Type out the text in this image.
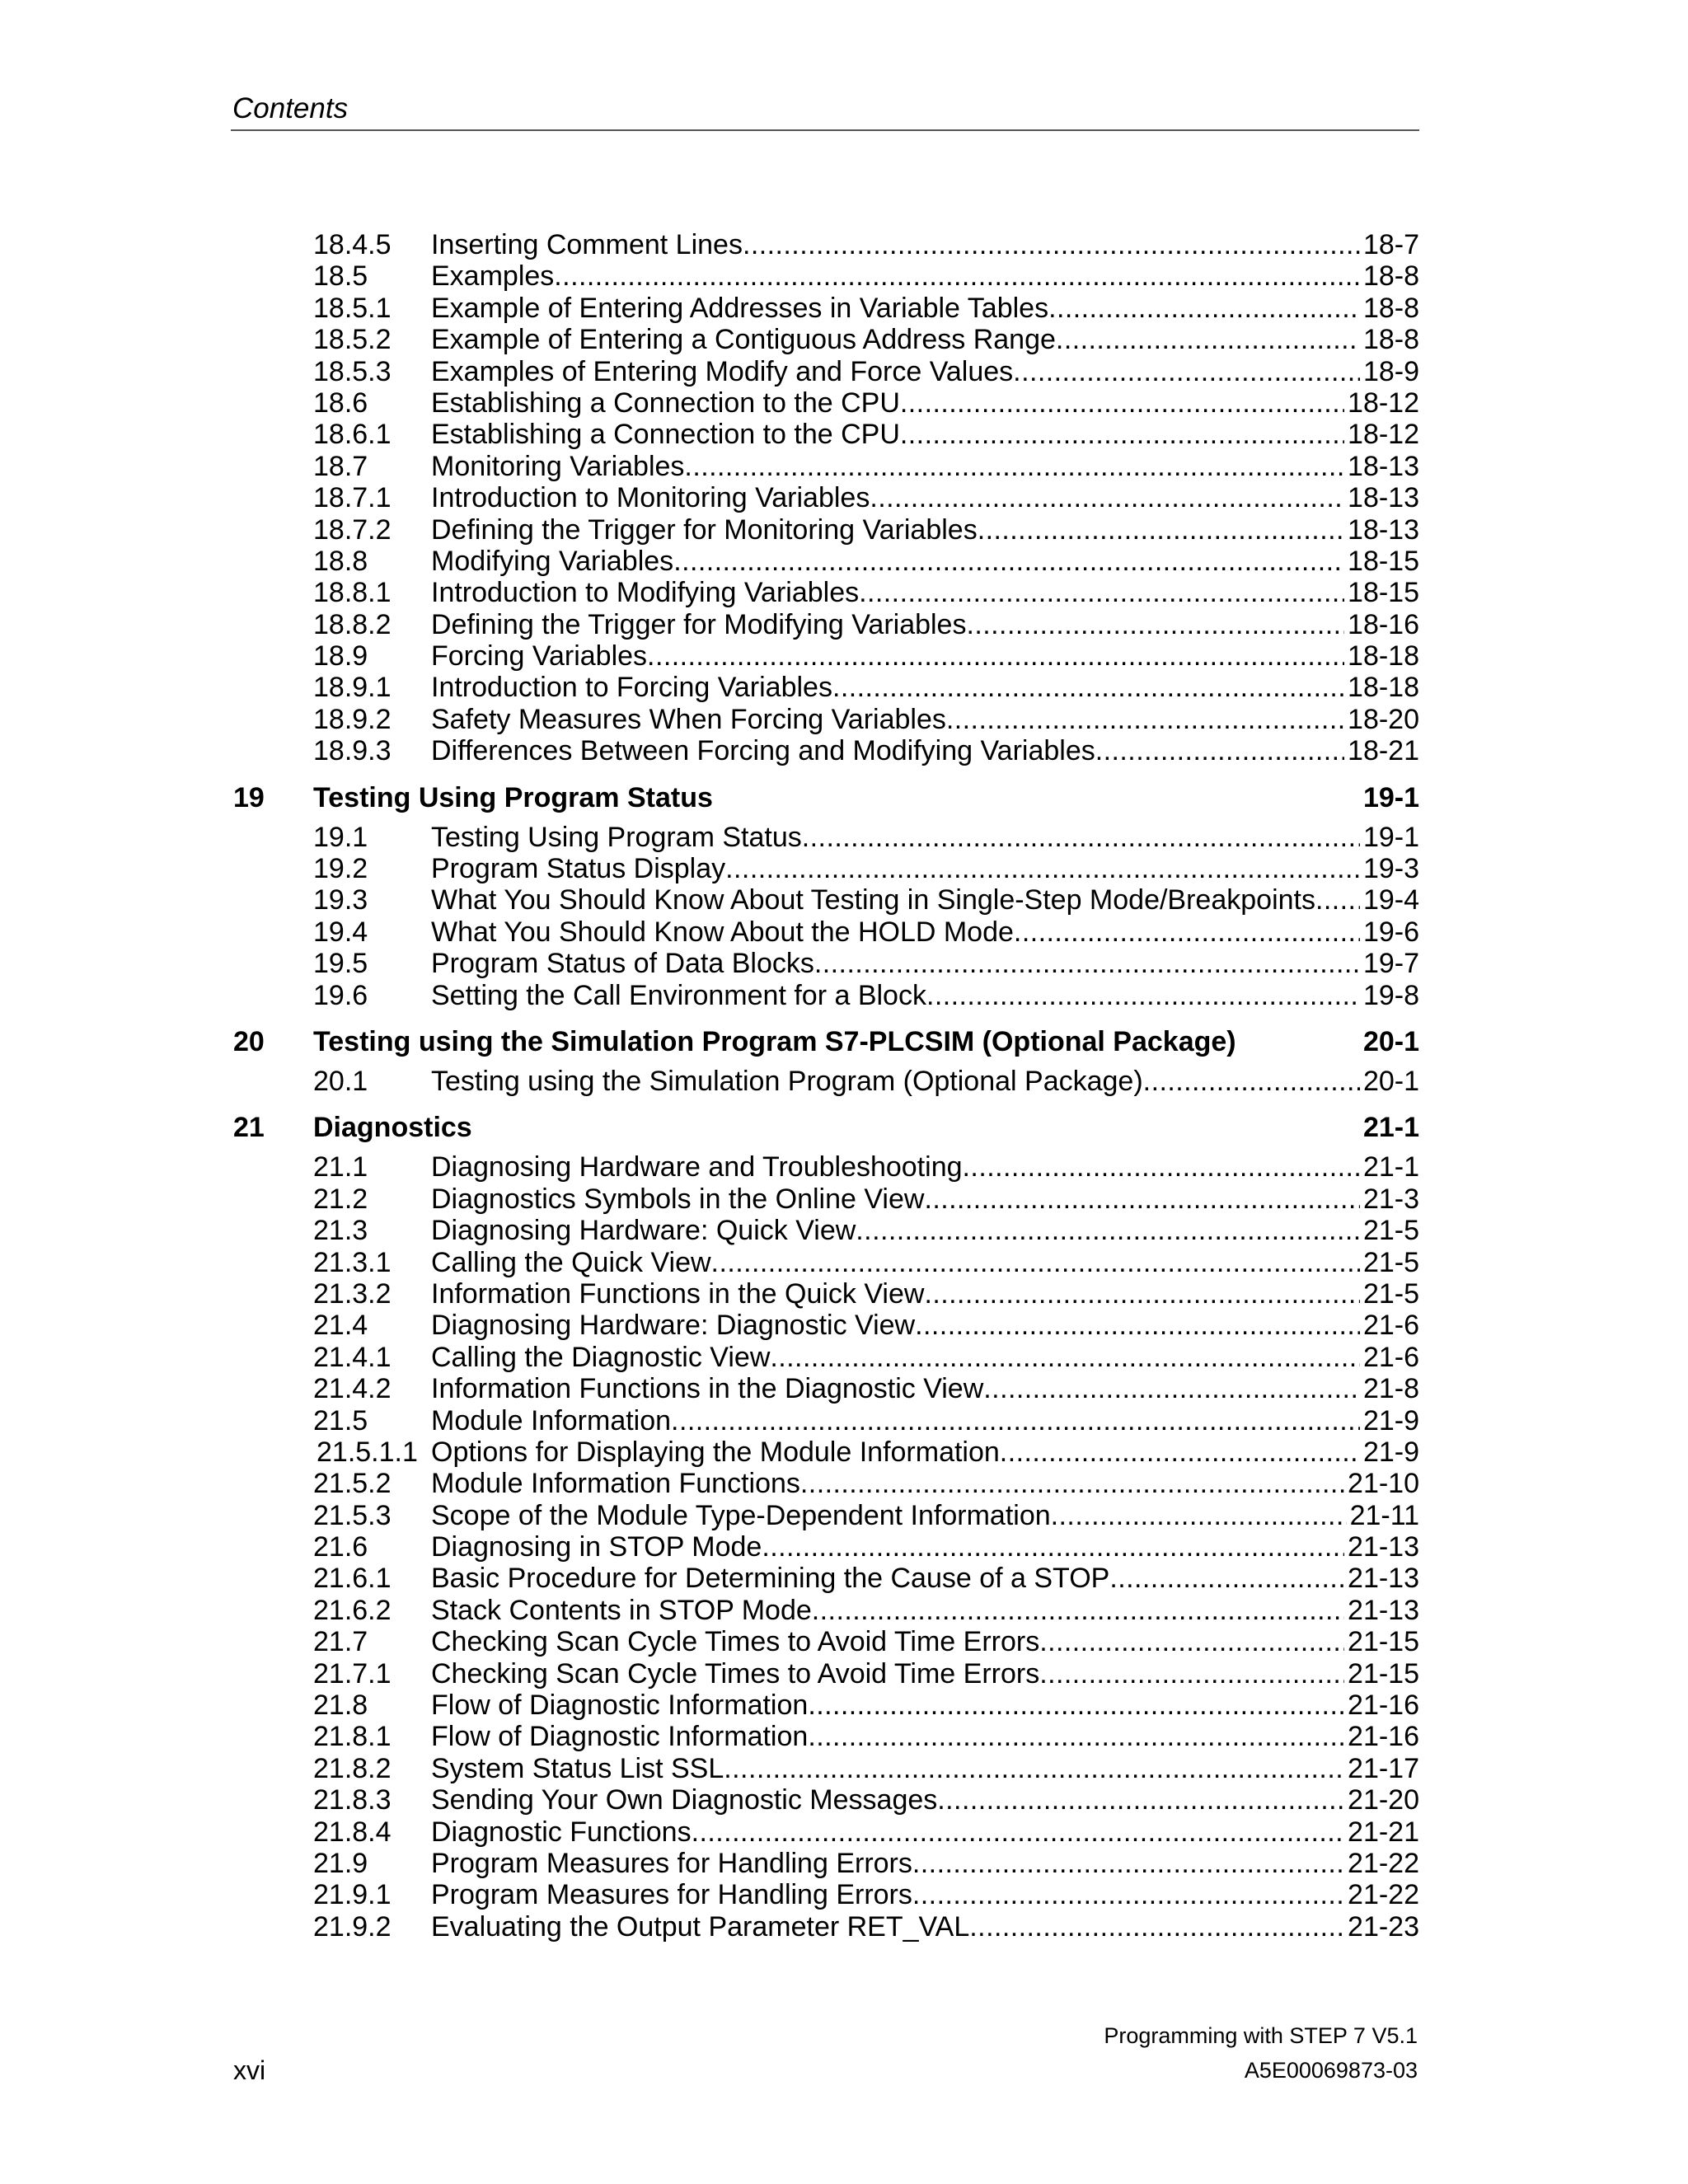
Contents
18.4.5 Inserting Comment Lines . . .	18-7
18.5 Examples . . .	18-8
18.5.1 Example of Entering Addresses in Variable Tables . . .	18-8
18.5.2 Example of Entering a Contiguous Address Range . . .	18-8
18.5.3 Examples of Entering Modify and Force Values . . .	18-9
18.6 Establishing a Connection to the CPU . . .	18-12
18.6.1 Establishing a Connection to the CPU . . .	18-12
18.7 Monitoring Variables . . .	18-13
18.7.1 Introduction to Monitoring Variables . . .	18-13
18.7.2 Defining the Trigger for Monitoring Variables . . .	18-13
18.8 Modifying Variables . . .	18-15
18.8.1 Introduction to Modifying Variables . . .	18-15
18.8.2 Defining the Trigger for Modifying Variables . . .	18-16
18.9 Forcing Variables . . .	18-18
18.9.1 Introduction to Forcing Variables . . .	18-18
18.9.2 Safety Measures When Forcing Variables . . .	18-20
18.9.3 Differences Between Forcing and Modifying Variables . . .	18-21
19 Testing Using Program Status	19-1
19.1 Testing Using Program Status . . .	19-1
19.2 Program Status Display . . .	19-3
19.3 What You Should Know About Testing in Single-Step Mode/Breakpoints . . . 19-4
19.4 What You Should Know About the HOLD Mode . . .	19-6
19.5 Program Status of Data Blocks . . .	19-7
19.6 Setting the Call Environment for a Block . . .	19-8
20 Testing using the Simulation Program S7-PLCSIM (Optional Package)	20-1
20.1 Testing using the Simulation Program (Optional Package) . . .	20-1
21 Diagnostics	21-1
21.1 Diagnosing Hardware and Troubleshooting . . .	21-1
21.2 Diagnostics Symbols in the Online View . . .	21-3
21.3 Diagnosing Hardware: Quick View . . .	21-5
21.3.1 Calling the Quick View . . .	21-5
21.3.2 Information Functions in the Quick View . . .	21-5
21.4 Diagnosing Hardware: Diagnostic View . . .	21-6
21.4.1 Calling the Diagnostic View . . .	21-6
21.4.2 Information Functions in the Diagnostic View . . .	21-8
21.5 Module Information . . .	21-9
21.5.1.1 Options for Displaying the Module Information . . .	21-9
21.5.2 Module Information Functions . . .	21-10
21.5.3 Scope of the Module Type-Dependent Information . . .	21-11
21.6 Diagnosing in STOP Mode . . .	21-13
21.6.1 Basic Procedure for Determining the Cause of a STOP . . .	21-13
21.6.2 Stack Contents in STOP Mode . . .	21-13
21.7 Checking Scan Cycle Times to Avoid Time Errors . . .	21-15
21.7.1 Checking Scan Cycle Times to Avoid Time Errors . . .	21-15
21.8 Flow of Diagnostic Information . . .	21-16
21.8.1 Flow of Diagnostic Information . . .	21-16
21.8.2 System Status List SSL . . .	21-17
21.8.3 Sending Your Own Diagnostic Messages . . .	21-20
21.8.4 Diagnostic Functions . . .	21-21
21.9 Program Measures for Handling Errors . . .	21-22
21.9.1 Program Measures for Handling Errors . . .	21-22
21.9.2 Evaluating the Output Parameter RET_VAL . . .	21-23
Programming with STEP 7 V5.1
xvi	A5E00069873-03
